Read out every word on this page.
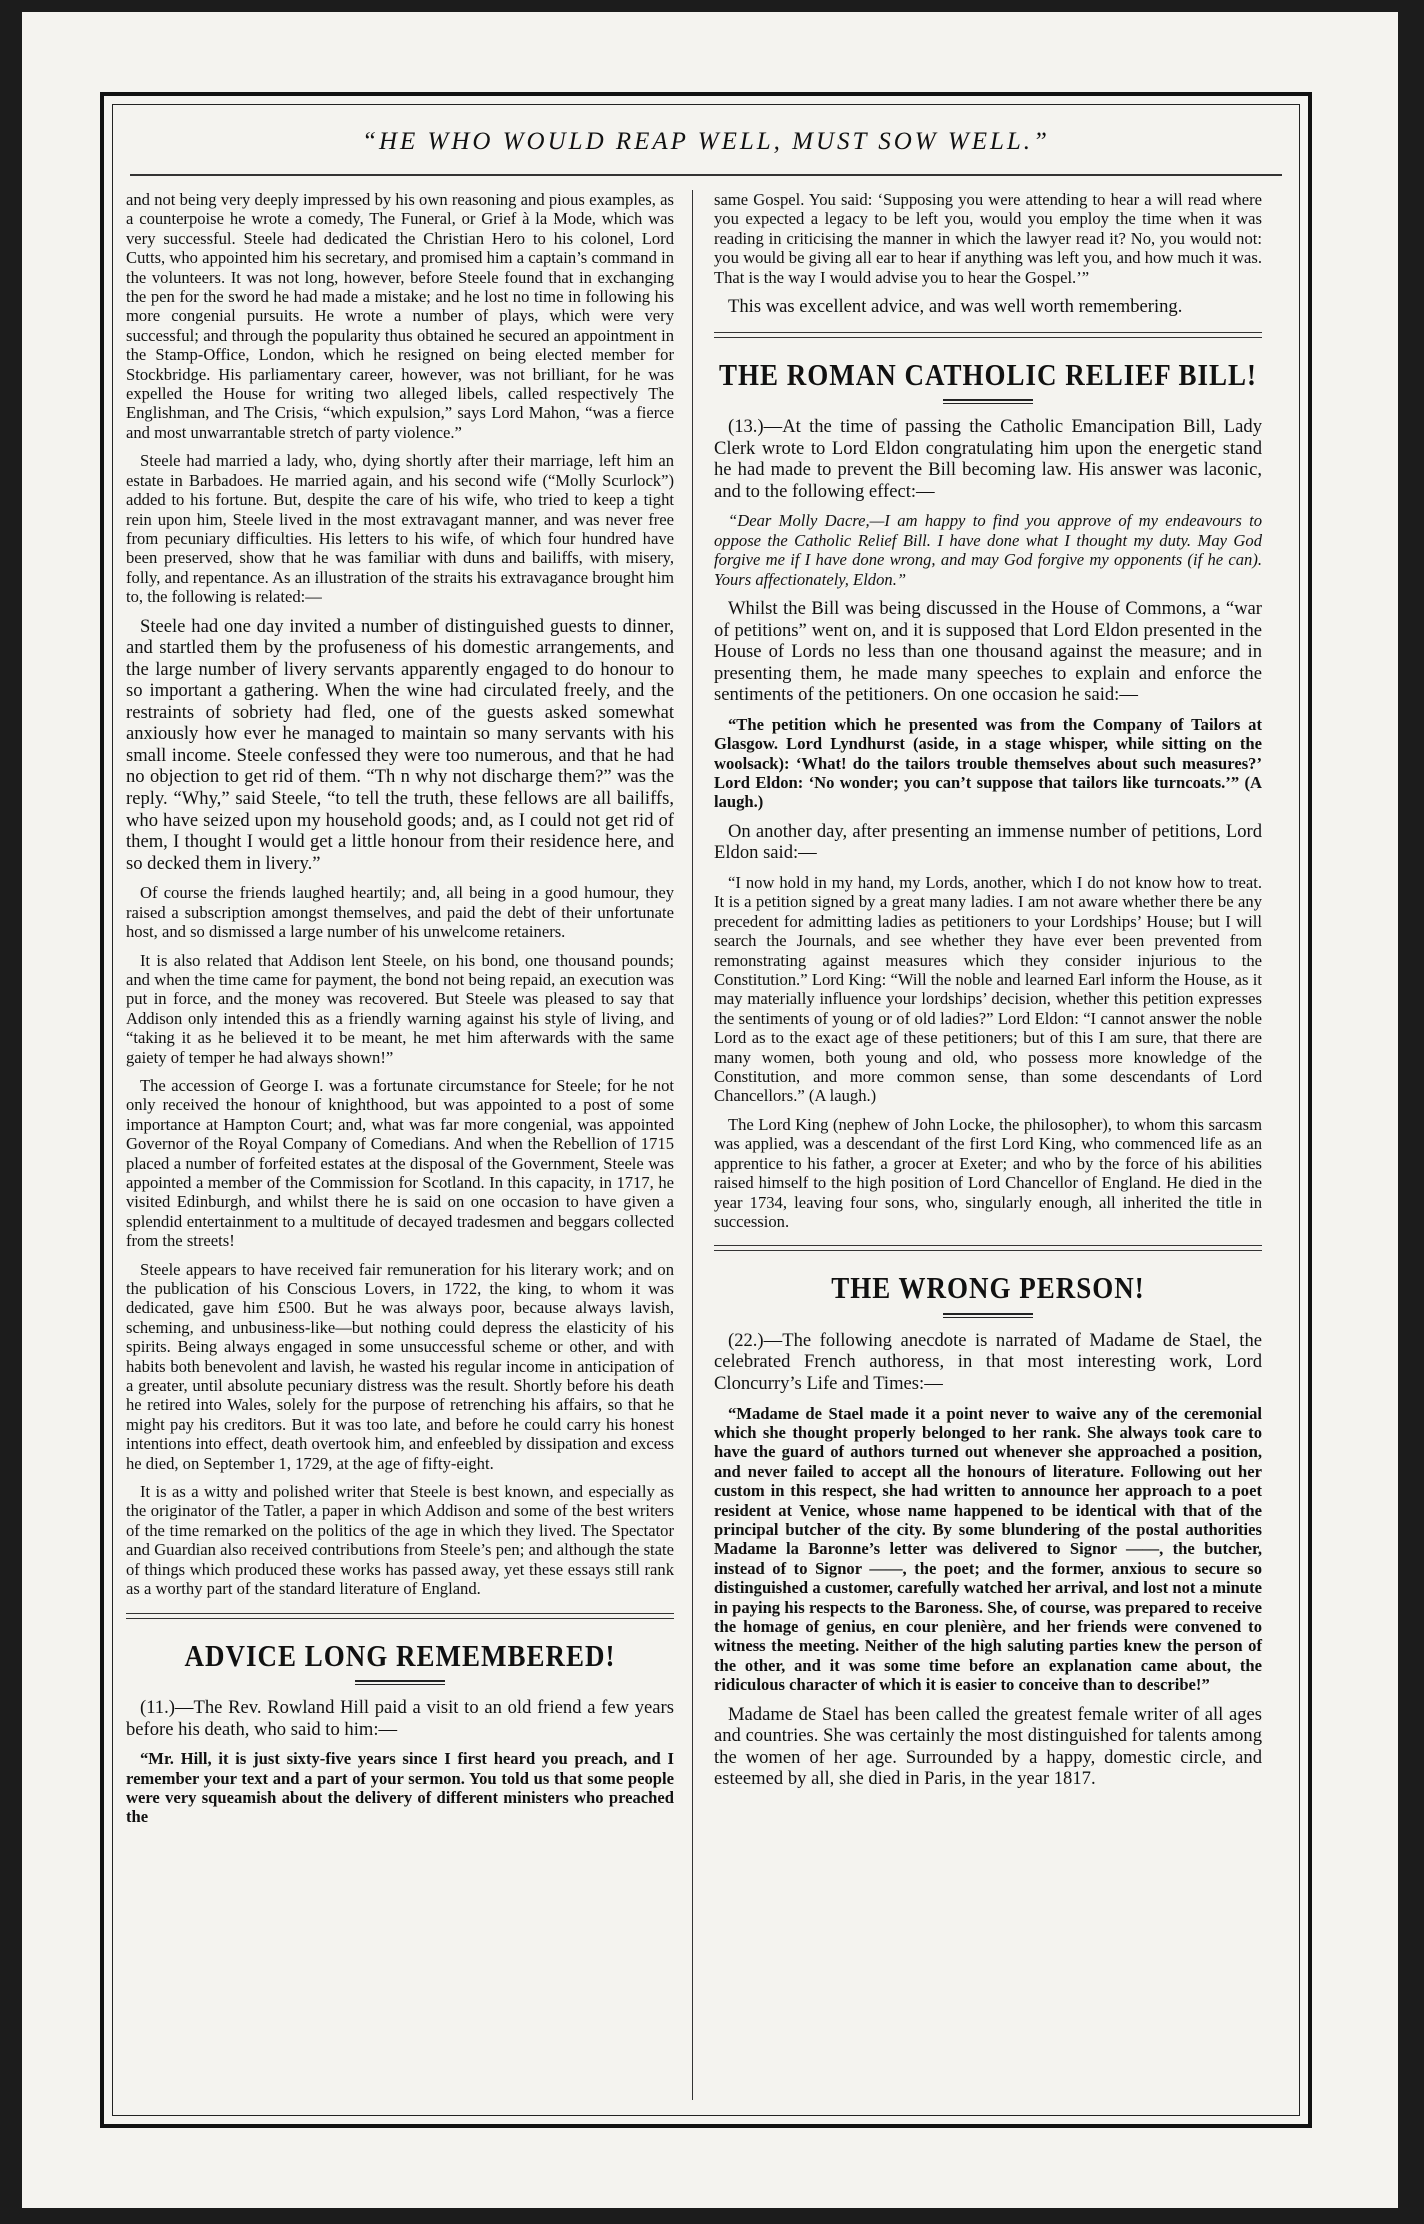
“HE WHO WOULD REAP WELL, MUST SOW WELL.”

and not being very deeply impressed by his own reasoning and pious examples, as a counterpoise he wrote a comedy, The Funeral, or Grief à la Mode, which was very successful. Steele had dedicated the Christian Hero to his colonel, Lord Cutts, who appointed him his secretary, and promised him a captain’s command in the volunteers. It was not long, however, before Steele found that in exchanging the pen for the sword he had made a mistake; and he lost no time in following his more congenial pursuits. He wrote a number of plays, which were very successful; and through the popularity thus obtained he secured an appointment in the Stamp-Office, London, which he resigned on being elected member for Stockbridge. His parliamentary career, however, was not brilliant, for he was expelled the House for writing two alleged libels, called respectively The Englishman, and The Crisis, “which expulsion,” says Lord Mahon, “was a fierce and most unwarrantable stretch of party violence.”

Steele had married a lady, who, dying shortly after their marriage, left him an estate in Barbadoes. He married again, and his second wife (“Molly Scurlock”) added to his fortune. But, despite the care of his wife, who tried to keep a tight rein upon him, Steele lived in the most extravagant manner, and was never free from pecuniary difficulties. His letters to his wife, of which four hundred have been preserved, show that he was familiar with duns and bailiffs, with misery, folly, and repentance. As an illustration of the straits his extravagance brought him to, the following is related:—

Steele had one day invited a number of distinguished guests to dinner, and startled them by the profuseness of his domestic arrangements, and the large number of livery servants apparently engaged to do honour to so important a gathering. When the wine had circulated freely, and the restraints of sobriety had fled, one of the guests asked somewhat anxiously how ever he managed to maintain so many servants with his small income. Steele confessed they were too numerous, and that he had no objection to get rid of them. “Th n why not discharge them?” was the reply. “Why,” said Steele, “to tell the truth, these fellows are all bailiffs, who have seized upon my household goods; and, as I could not get rid of them, I thought I would get a little honour from their residence here, and so decked them in livery.”

Of course the friends laughed heartily; and, all being in a good humour, they raised a subscription amongst themselves, and paid the debt of their unfortunate host, and so dismissed a large number of his unwelcome retainers.

It is also related that Addison lent Steele, on his bond, one thousand pounds; and when the time came for payment, the bond not being repaid, an execution was put in force, and the money was recovered. But Steele was pleased to say that Addison only intended this as a friendly warning against his style of living, and “taking it as he believed it to be meant, he met him afterwards with the same gaiety of temper he had always shown!”

The accession of George I. was a fortunate circumstance for Steele; for he not only received the honour of knighthood, but was appointed to a post of some importance at Hampton Court; and, what was far more congenial, was appointed Governor of the Royal Company of Comedians. And when the Rebellion of 1715 placed a number of forfeited estates at the disposal of the Government, Steele was appointed a member of the Commission for Scotland. In this capacity, in 1717, he visited Edinburgh, and whilst there he is said on one occasion to have given a splendid entertainment to a multitude of decayed tradesmen and beggars collected from the streets!

Steele appears to have received fair remuneration for his literary work; and on the publication of his Conscious Lovers, in 1722, the king, to whom it was dedicated, gave him £500. But he was always poor, because always lavish, scheming, and unbusiness-like—but nothing could depress the elasticity of his spirits. Being always engaged in some unsuccessful scheme or other, and with habits both benevolent and lavish, he wasted his regular income in anticipation of a greater, until absolute pecuniary distress was the result. Shortly before his death he retired into Wales, solely for the purpose of retrenching his affairs, so that he might pay his creditors. But it was too late, and before he could carry his honest intentions into effect, death overtook him, and enfeebled by dissipation and excess he died, on September 1, 1729, at the age of fifty-eight.

It is as a witty and polished writer that Steele is best known, and especially as the originator of the Tatler, a paper in which Addison and some of the best writers of the time remarked on the politics of the age in which they lived. The Spectator and Guardian also received contributions from Steele’s pen; and although the state of things which produced these works has passed away, yet these essays still rank as a worthy part of the standard literature of England.

ADVICE LONG REMEMBERED!

(11.)—The Rev. Rowland Hill paid a visit to an old friend a few years before his death, who said to him:—

“Mr. Hill, it is just sixty-five years since I first heard you preach, and I remember your text and a part of your sermon. You told us that some people were very squeamish about the delivery of different ministers who preached the

same Gospel. You said: ‘Supposing you were attending to hear a will read where you expected a legacy to be left you, would you employ the time when it was reading in criticising the manner in which the lawyer read it? No, you would not: you would be giving all ear to hear if anything was left you, and how much it was. That is the way I would advise you to hear the Gospel.’”

This was excellent advice, and was well worth remembering.

THE ROMAN CATHOLIC RELIEF BILL!

(13.)—At the time of passing the Catholic Emancipation Bill, Lady Clerk wrote to Lord Eldon congratulating him upon the energetic stand he had made to prevent the Bill becoming law. His answer was laconic, and to the following effect:—

“Dear Molly Dacre,—I am happy to find you approve of my endeavours to oppose the Catholic Relief Bill. I have done what I thought my duty. May God forgive me if I have done wrong, and may God forgive my opponents (if he can). Yours affectionately, Eldon.”

Whilst the Bill was being discussed in the House of Commons, a “war of petitions” went on, and it is supposed that Lord Eldon presented in the House of Lords no less than one thousand against the measure; and in presenting them, he made many speeches to explain and enforce the sentiments of the petitioners. On one occasion he said:—

“The petition which he presented was from the Company of Tailors at Glasgow. Lord Lyndhurst (aside, in a stage whisper, while sitting on the woolsack): ‘What! do the tailors trouble themselves about such measures?’ Lord Eldon: ‘No wonder; you can’t suppose that tailors like turncoats.’” (A laugh.)

On another day, after presenting an immense number of petitions, Lord Eldon said:—

“I now hold in my hand, my Lords, another, which I do not know how to treat. It is a petition signed by a great many ladies. I am not aware whether there be any precedent for admitting ladies as petitioners to your Lordships’ House; but I will search the Journals, and see whether they have ever been prevented from remonstrating against measures which they consider injurious to the Constitution.” Lord King: “Will the noble and learned Earl inform the House, as it may materially influence your lordships’ decision, whether this petition expresses the sentiments of young or of old ladies?” Lord Eldon: “I cannot answer the noble Lord as to the exact age of these petitioners; but of this I am sure, that there are many women, both young and old, who possess more knowledge of the Constitution, and more common sense, than some descendants of Lord Chancellors.” (A laugh.)

The Lord King (nephew of John Locke, the philosopher), to whom this sarcasm was applied, was a descendant of the first Lord King, who commenced life as an apprentice to his father, a grocer at Exeter; and who by the force of his abilities raised himself to the high position of Lord Chancellor of England. He died in the year 1734, leaving four sons, who, singularly enough, all inherited the title in succession.

THE WRONG PERSON!

(22.)—The following anecdote is narrated of Madame de Stael, the celebrated French authoress, in that most interesting work, Lord Cloncurry’s Life and Times:—

“Madame de Stael made it a point never to waive any of the ceremonial which she thought properly belonged to her rank. She always took care to have the guard of authors turned out whenever she approached a position, and never failed to accept all the honours of literature. Following out her custom in this respect, she had written to announce her approach to a poet resident at Venice, whose name happened to be identical with that of the principal butcher of the city. By some blundering of the postal authorities Madame la Baronne’s letter was delivered to Signor ——, the butcher, instead of to Signor ——, the poet; and the former, anxious to secure so distinguished a customer, carefully watched her arrival, and lost not a minute in paying his respects to the Baroness. She, of course, was prepared to receive the homage of genius, en cour plenière, and her friends were convened to witness the meeting. Neither of the high saluting parties knew the person of the other, and it was some time before an explanation came about, the ridiculous character of which it is easier to conceive than to describe!”

Madame de Stael has been called the greatest female writer of all ages and countries. She was certainly the most distinguished for talents among the women of her age. Surrounded by a happy, domestic circle, and esteemed by all, she died in Paris, in the year 1817.
